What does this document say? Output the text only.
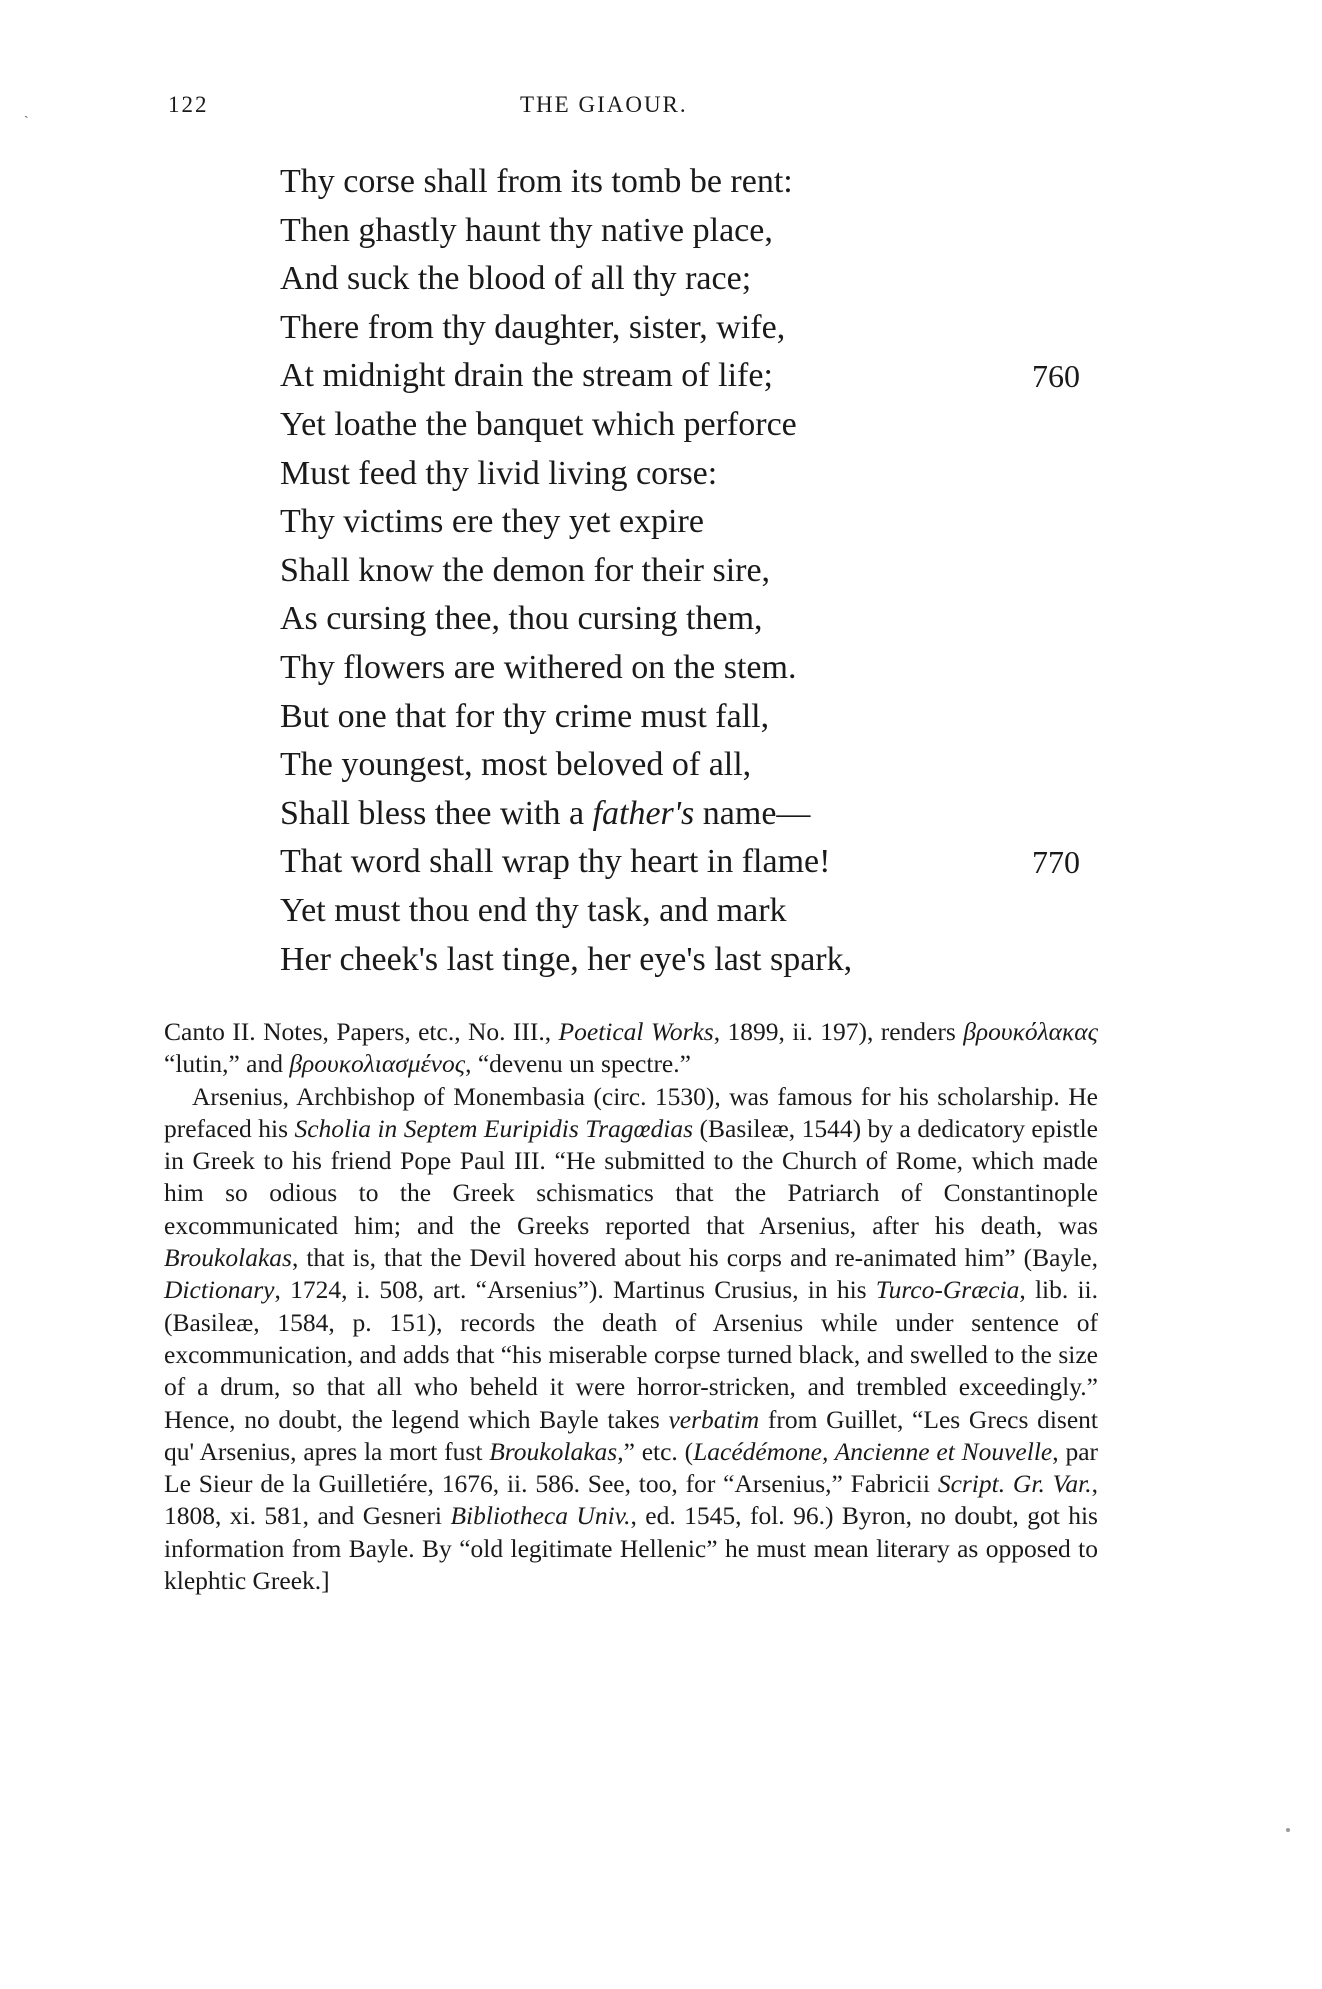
ˏ	122	THE GIAOUR.
Thy corse shall from its tomb be rent:
Then ghastly haunt thy native place,
And suck the blood of all thy race;
There from thy daughter, sister, wife,
At midnight drain the stream of life;	760
Yet loathe the banquet which perforce
Must feed thy livid living corse:
Thy victims ere they yet expire
Shall know the demon for their sire,
As cursing thee, thou cursing them,
Thy flowers are withered on the stem.
But one that for thy crime must fall,
The youngest, most beloved of all,
Shall bless thee with a father's name—
That word shall wrap thy heart in flame!	770
Yet must thou end thy task, and mark
Her cheek's last tinge, her eye's last spark,

Canto II. Notes, Papers, etc., No. III., Poetical Works, 1899, ii. 197), renders βρουκόλακας “lutin,” and βρουκολιασμένος, “devenu un spectre.”

Arsenius, Archbishop of Monembasia (circ. 1530), was famous for his scholarship. He prefaced his Scholia in Septem Euripidis Tragœdias (Basileæ, 1544) by a dedicatory epistle in Greek to his friend Pope Paul III. “He submitted to the Church of Rome, which made him so odious to the Greek schismatics that the Patriarch of Constantinople excommunicated him; and the Greeks reported that Arsenius, after his death, was Broukolakas, that is, that the Devil hovered about his corps and re-animated him” (Bayle, Dictionary, 1724, i. 508, art. “Arsenius”). Martinus Crusius, in his Turco-Græcia, lib. ii. (Basileæ, 1584, p. 151), records the death of Arsenius while under sentence of excommunication, and adds that “his miserable corpse turned black, and swelled to the size of a drum, so that all who beheld it were horror-stricken, and trembled exceedingly.” Hence, no doubt, the legend which Bayle takes verbatim from Guillet, “Les Grecs disent qu' Arsenius, apres la mort fust Broukolakas,” etc. (Lacédémone, Ancienne et Nouvelle, par Le Sieur de la Guilletiére, 1676, ii. 586. See, too, for “Arsenius,” Fabricii Script. Gr. Var., 1808, xi. 581, and Gesneri Bibliotheca Univ., ed. 1545, fol. 96.) Byron, no doubt, got his information from Bayle. By “old legitimate Hellenic” he must mean literary as opposed to klephtic Greek.]
